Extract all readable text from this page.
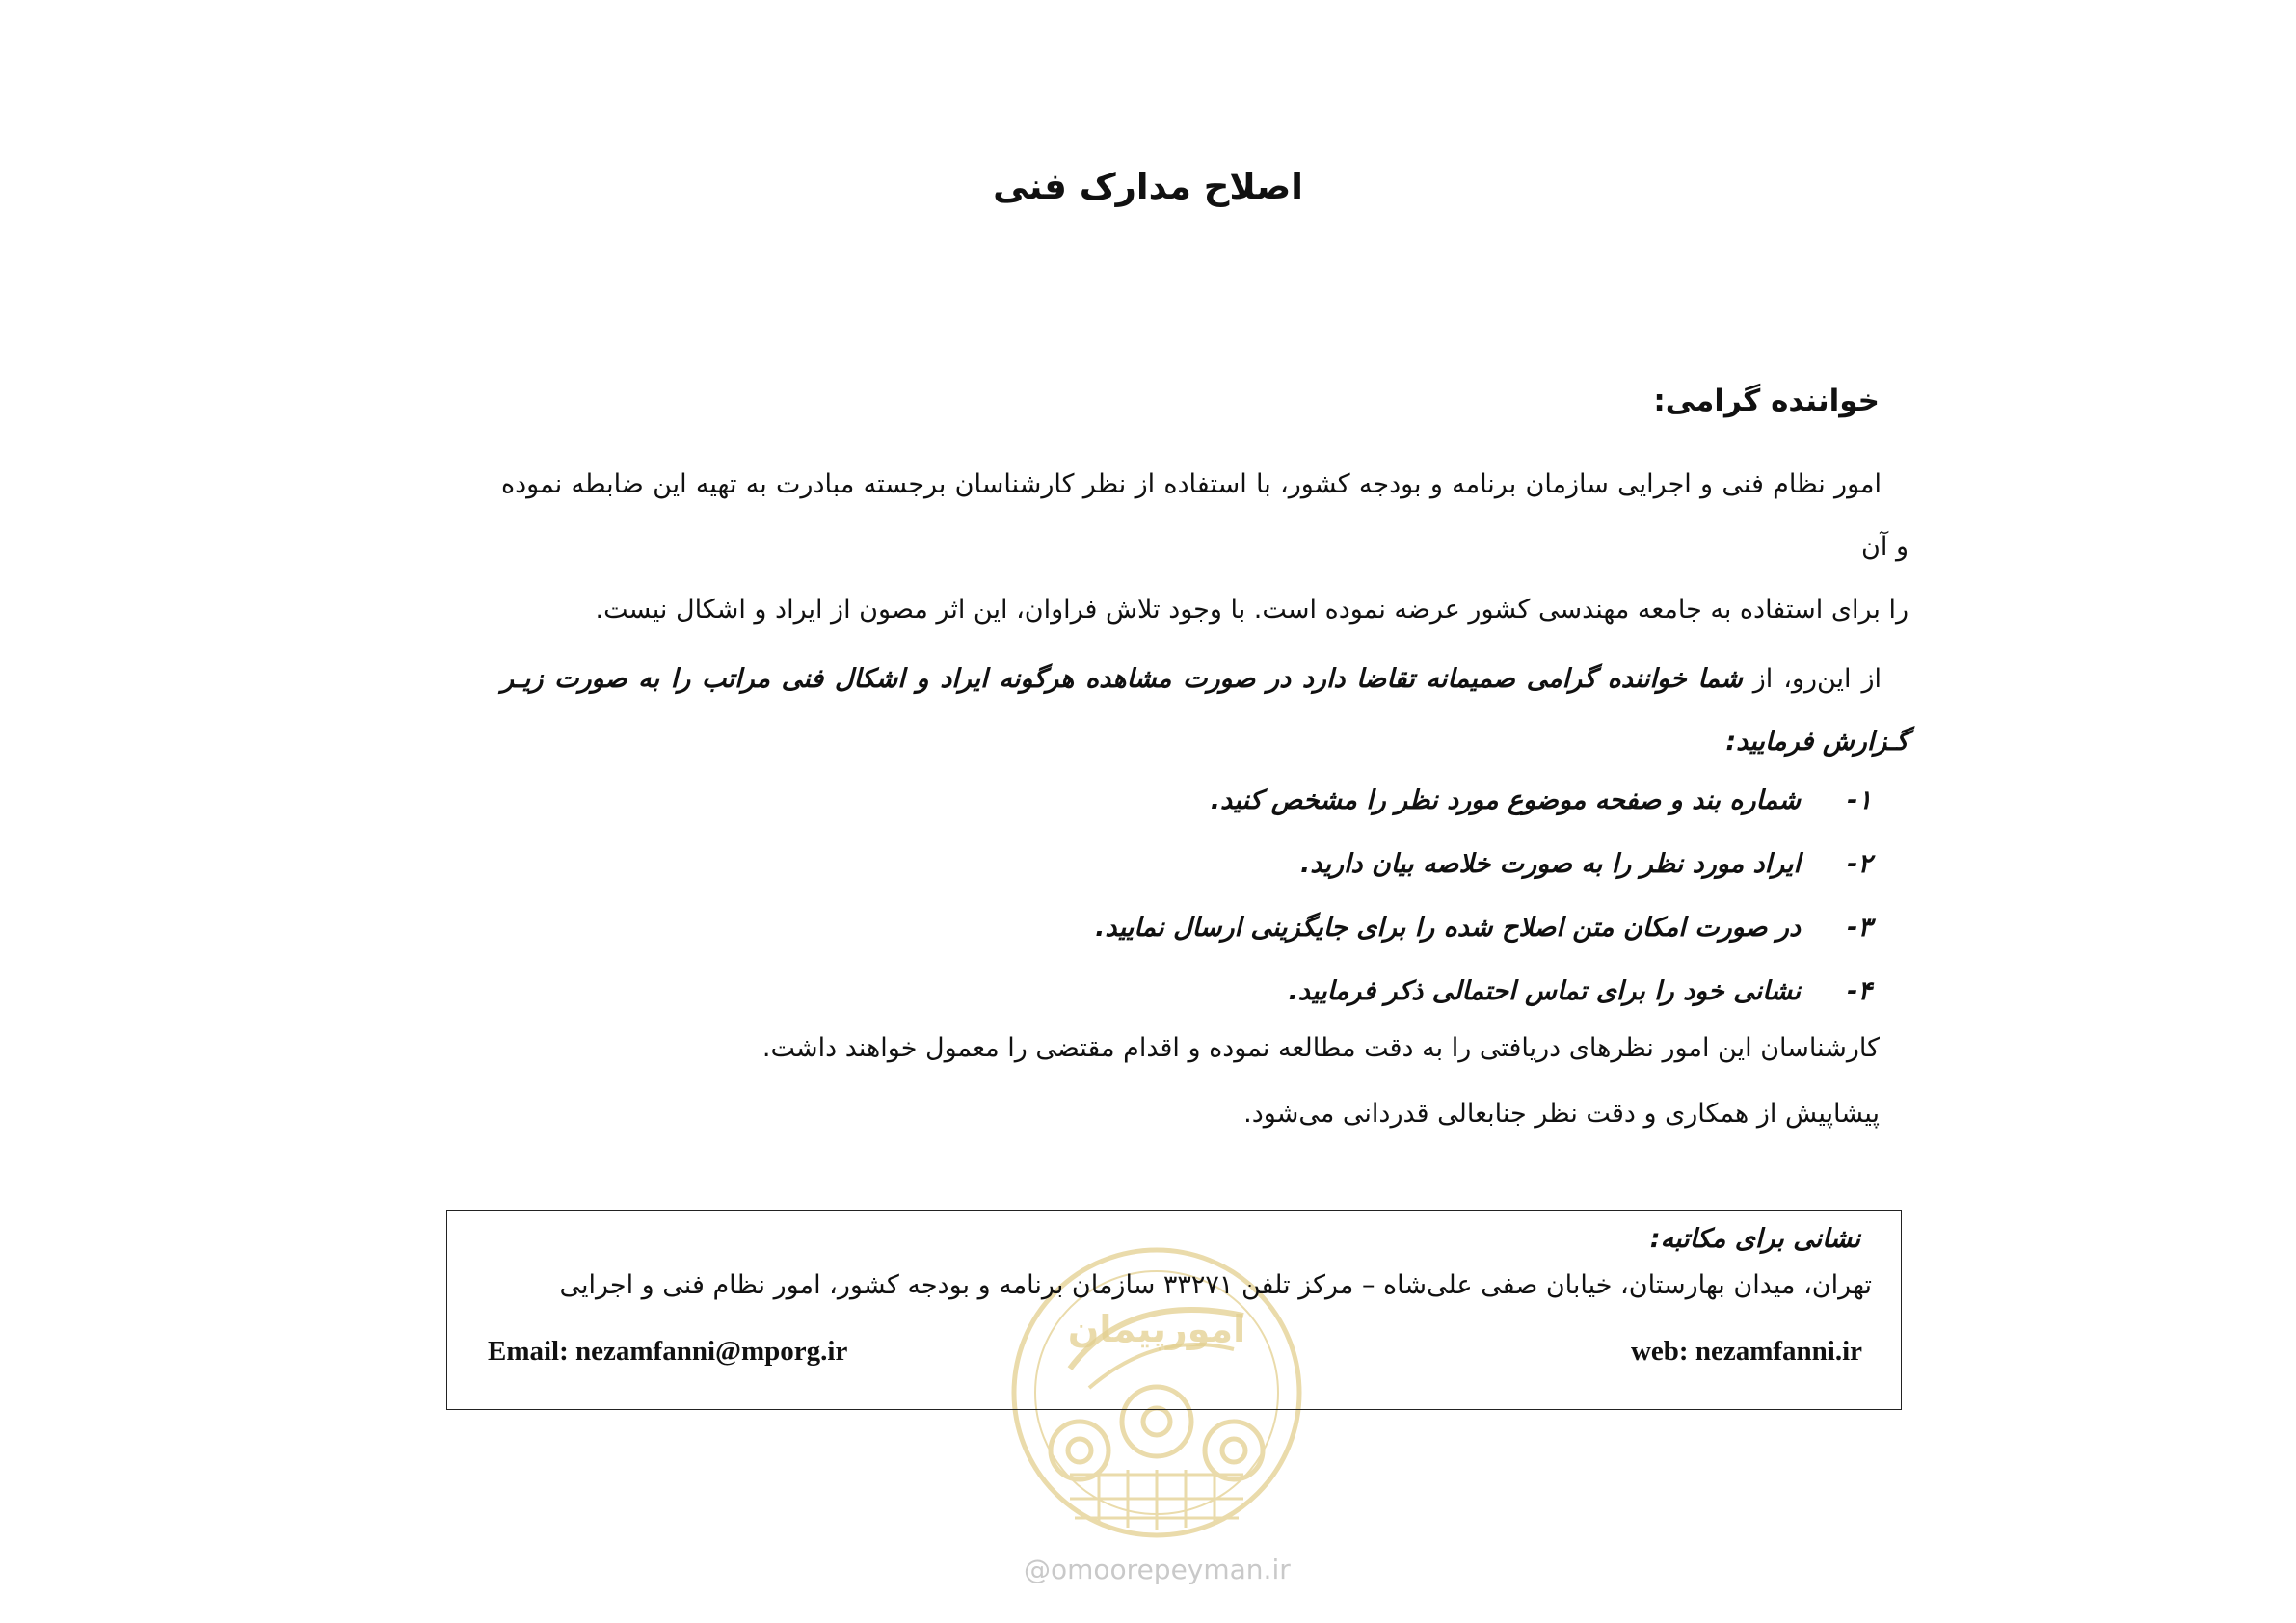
اصلاح مدارک فنی
خواننده گرامی:
امور نظام فنی و اجرایی سازمان برنامه و بودجه کشور، با استفاده از نظر کارشناسان برجسته مبادرت به تهیه این ضابطه نموده و آن
را برای استفاده به جامعه مهندسی کشور عرضه نموده است. با وجود تلاش فراوان، این اثر مصون از ایراد و اشکال نیست.
از این‌رو، از شما خواننده گرامی صمیمانه تقاضا دارد در صورت مشاهده هرگونه ایراد و اشکال فنی مراتب را به صورت زیـر گـزارش فرمایید:
۱-شماره بند و صفحه موضوع مورد نظر را مشخص کنید.
۲-ایراد مورد نظر را به صورت خلاصه بیان دارید.
۳-در صورت امکان متن اصلاح شده را برای جایگزینی ارسال نمایید.
۴-نشانی خود را برای تماس احتمالی ذکر فرمایید.
کارشناسان این امور نظرهای دریافتی را به دقت مطالعه نموده و اقدام مقتضی را معمول خواهند داشت.
پیشاپیش از همکاری و دقت نظر جنابعالی قدردانی می‌شود.
امورپیمان
@omoorepeyman.ir
نشانی برای مکاتبه:
تهران، میدان بهارستان، خیابان صفی علی‌شاه – مرکز تلفن ۳۳۲۷۱ سازمان برنامه و بودجه کشور، امور نظام فنی و اجرایی
web: nezamfanni.ir
Email: nezamfanni@mporg.ir
